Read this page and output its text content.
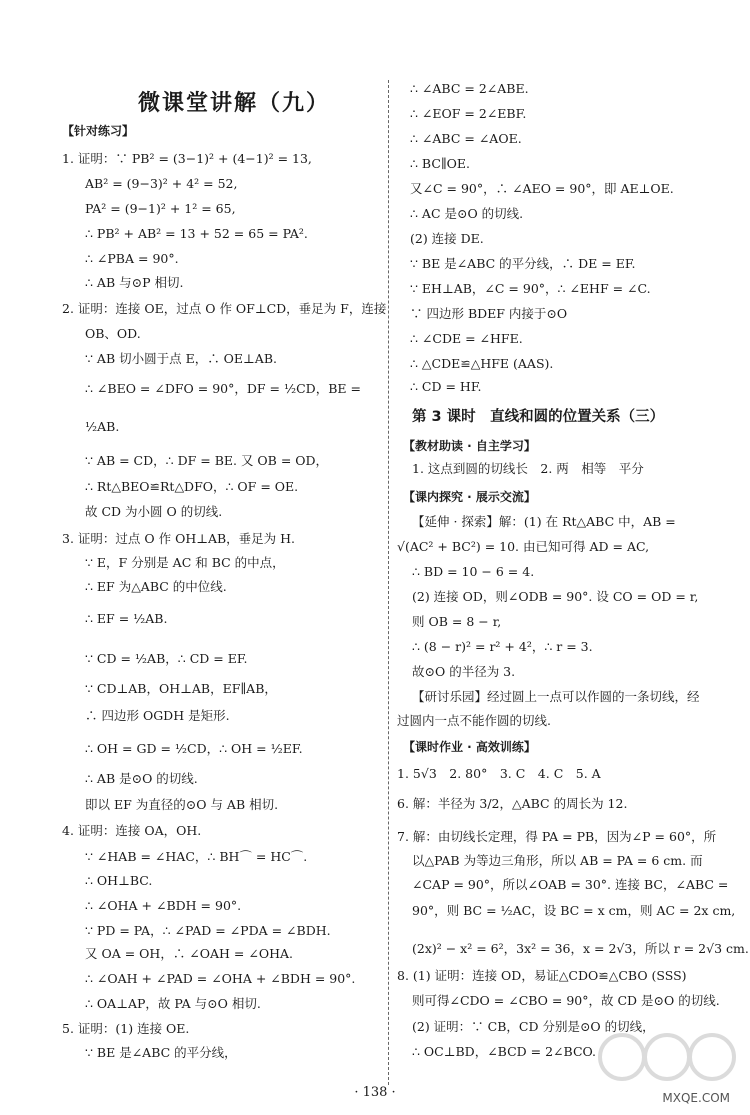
微课堂讲解（九）
【针对练习】
1. 证明：∵ PB² = (3−1)² + (4−1)² = 13,
AB² = (9−3)² + 4² = 52,
PA² = (9−1)² + 1² = 65,
∴ PB² + AB² = 13 + 52 = 65 = PA².
∴ ∠PBA = 90°.
∴ AB 与⊙P 相切.
2. 证明：连接 OE，过点 O 作 OF⊥CD，垂足为 F，连接
OB、OD.
∵ AB 切小圆于点 E，∴ OE⊥AB.
∴ ∠BEO = ∠DFO = 90°，DF = ½CD，BE =
½AB.
∵ AB = CD，∴ DF = BE. 又 OB = OD，
∴ Rt△BEO≌Rt△DFO，∴ OF = OE.
故 CD 为小圆 O 的切线.
3. 证明：过点 O 作 OH⊥AB，垂足为 H.
∵ E，F 分别是 AC 和 BC 的中点，
∴ EF 为△ABC 的中位线.
∴ EF = ½AB.
∵ CD = ½AB，∴ CD = EF.
∵ CD⊥AB，OH⊥AB，EF∥AB，
∴ 四边形 OGDH 是矩形.
∴ OH = GD = ½CD，∴ OH = ½EF.
∴ AB 是⊙O 的切线.
即以 EF 为直径的⊙O 与 AB 相切.
4. 证明：连接 OA，OH.
∵ ∠HAB = ∠HAC，∴ BH⌒ = HC⌒.
∴ OH⊥BC.
∴ ∠OHA + ∠BDH = 90°.
∵ PD = PA，∴ ∠PAD = ∠PDA = ∠BDH.
又 OA = OH，∴ ∠OAH = ∠OHA.
∴ ∠OAH + ∠PAD = ∠OHA + ∠BDH = 90°.
∴ OA⊥AP，故 PA 与⊙O 相切.
5. 证明：(1) 连接 OE.
∵ BE 是∠ABC 的平分线，
∴ ∠ABC = 2∠ABE.
∴ ∠EOF = 2∠EBF.
∴ ∠ABC = ∠AOE.
∴ BC∥OE.
又∠C = 90°，∴ ∠AEO = 90°，即 AE⊥OE.
∴ AC 是⊙O 的切线.
(2) 连接 DE.
∵ BE 是∠ABC 的平分线，∴ DE = EF.
∵ EH⊥AB，∠C = 90°，∴ ∠EHF = ∠C.
∵ 四边形 BDEF 内接于⊙O
∴ ∠CDE = ∠HFE.
∴ △CDE≌△HFE (AAS).
∴ CD = HF.
第 3 课时　直线和圆的位置关系（三）
【教材助读 · 自主学习】
1. 这点到圆的切线长　2. 两　相等　平分
【课内探究 · 展示交流】
【延伸 · 探索】解：(1) 在 Rt△ABC 中，AB =
√(AC² + BC²) = 10. 由已知可得 AD = AC,
∴ BD = 10 − 6 = 4.
(2) 连接 OD，则∠ODB = 90°. 设 CO = OD = r,
则 OB = 8 − r,
∴ (8 − r)² = r² + 4²，∴ r = 3.
故⊙O 的半径为 3.
【研讨乐园】经过圆上一点可以作圆的一条切线，经
过圆内一点不能作圆的切线.
【课时作业 · 高效训练】
1. 5√3　2. 80°　3. C　4. C　5. A
6. 解：半径为 3/2，△ABC 的周长为 12.
7. 解：由切线长定理，得 PA = PB，因为∠P = 60°，所
以△PAB 为等边三角形，所以 AB = PA = 6 cm. 而
∠CAP = 90°，所以∠OAB = 30°. 连接 BC，∠ABC =
90°，则 BC = ½AC，设 BC = x cm，则 AC = 2x cm,
(2x)² − x² = 6²，3x² = 36，x = 2√3，所以 r = 2√3 cm.
8. (1) 证明：连接 OD，易证△CDO≌△CBO (SSS)
则可得∠CDO = ∠CBO = 90°，故 CD 是⊙O 的切线.
(2) 证明：∵ CB，CD 分别是⊙O 的切线，
∴ OC⊥BD，∠BCD = 2∠BCO.
· 138 ·	MXQE.COM
